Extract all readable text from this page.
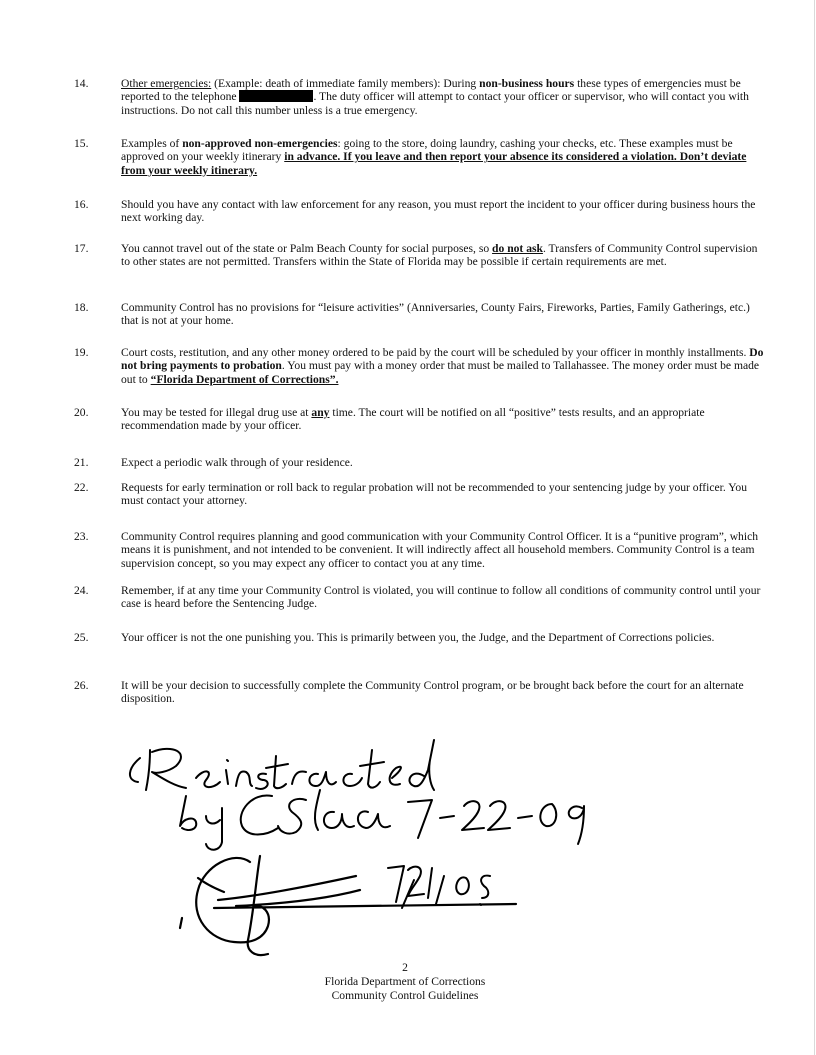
14.	Other emergencies: (Example: death of immediate family members): During non-business hours these types of emergencies must be reported to the telephone	. The duty officer will attempt to contact your officer or supervisor, who will contact you with instructions. Do not call this number unless is a true emergency.
15.	Examples of non-approved non-emergencies: going to the store, doing laundry, cashing your checks, etc. These examples must be approved on your weekly itinerary in advance. If you leave and then report your absence its considered a violation. Don’t deviate from your weekly itinerary.
16.	Should you have any contact with law enforcement for any reason, you must report the incident to your officer during business hours the next working day.
17.	You cannot travel out of the state or Palm Beach County for social purposes, so do not ask. Transfers of Community Control supervision to other states are not permitted. Transfers within the State of Florida may be possible if certain requirements are met.
18.	Community Control has no provisions for “leisure activities” (Anniversaries, County Fairs, Fireworks, Parties, Family Gatherings, etc.) that is not at your home.
19.	Court costs, restitution, and any other money ordered to be paid by the court will be scheduled by your officer in monthly installments. Do not bring payments to probation. You must pay with a money order that must be mailed to Tallahassee. The money order must be made out to “Florida Department of Corrections”.
20.	You may be tested for illegal drug use at any time. The court will be notified on all “positive” tests results, and an appropriate recommendation made by your officer.
21.	Expect a periodic walk through of your residence.
22.	Requests for early termination or roll back to regular probation will not be recommended to your sentencing judge by your officer. You must contact your attorney.
23.	Community Control requires planning and good communication with your Community Control Officer. It is a “punitive program”, which means it is punishment, and not intended to be convenient. It will indirectly affect all household members. Community Control is a team supervision concept, so you may expect any officer to contact you at any time.
24.	Remember, if at any time your Community Control is violated, you will continue to follow all conditions of community control until your case is heard before the Sentencing Judge.
25.	Your officer is not the one punishing you. This is primarily between you, the Judge, and the Department of Corrections policies.
26.	It will be your decision to successfully complete the Community Control program, or be brought back before the court for an alternate disposition.
2
Florida Department of Corrections
Community Control Guidelines
